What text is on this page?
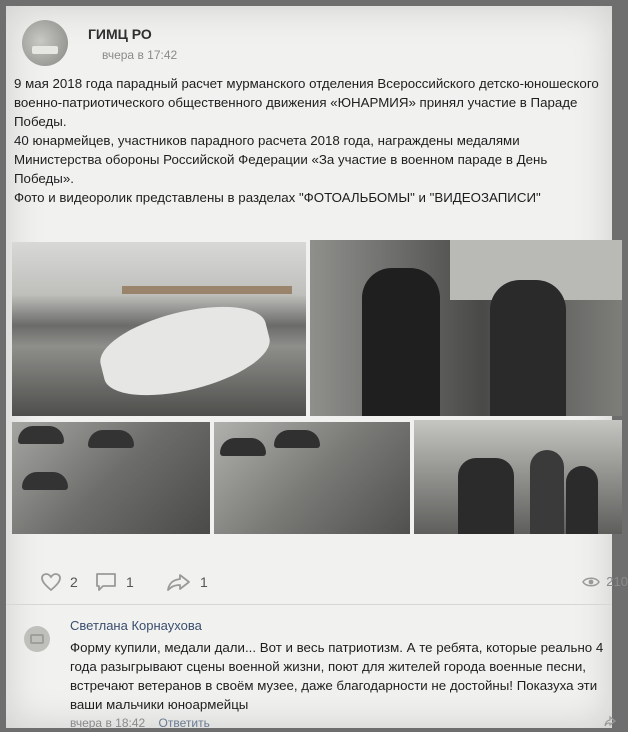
ГИМЦ РО
вчера в 17:42

9 мая 2018 года парадный расчет мурманского отделения Всероссийского детско-юношеского военно-патриотического общественного движения «ЮНАРМИЯ» принял участие в Параде Победы.

40 юнармейцев, участников парадного расчета 2018 года, награждены медалями Министерства обороны Российской Федерации «За участие в военном параде в День Победы».

Фото и видеоролик представлены в разделах "ФОТОАЛЬБОМЫ" и "ВИДЕОЗАПИСИ"

2	1	1	210
Светлана Корнаухова
Форму купили, медали дали... Вот и весь патриотизм. А те ребята, которые реально 4 года разыгрывают сцены военной жизни, поют для жителей города военные песни, встречают ветеранов в своём музее, даже благодарности не достойны! Показуха эти ваши мальчики юноармейцы
вчера в 18:42 Ответить
